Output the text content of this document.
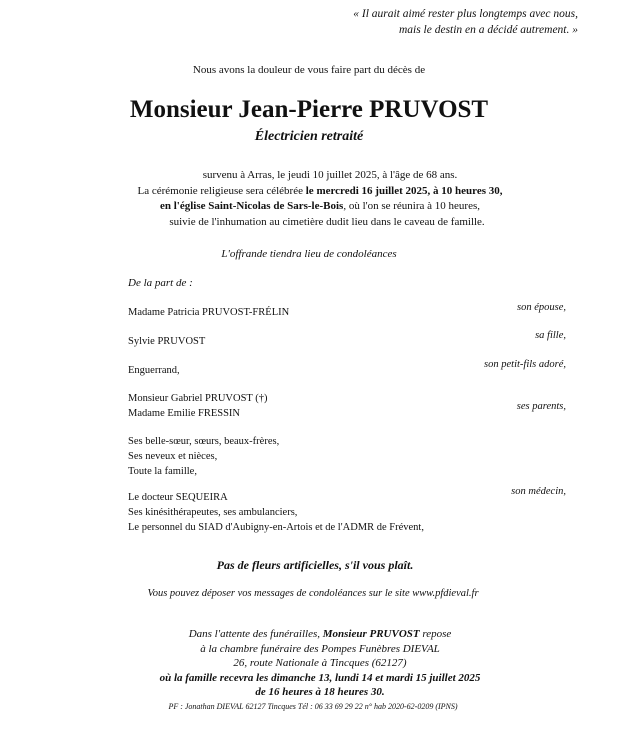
« Il aurait aimé rester plus longtemps avec nous,
mais le destin en a décidé autrement. »
Nous avons la douleur de vous faire part du décès de
Monsieur Jean-Pierre PRUVOST
Électricien retraité
survenu à Arras, le jeudi 10 juillet 2025, à l'âge de 68 ans.
La cérémonie religieuse sera célébrée le mercredi 16 juillet 2025, à 10 heures 30,
en l'église Saint-Nicolas de Sars-le-Bois, où l'on se réunira à 10 heures,
suivie de l'inhumation au cimetière dudit lieu dans le caveau de famille.
L'offrande tiendra lieu de condoléances
De la part de :
Madame Patricia PRUVOST-FRÉLIN	son épouse,
Sylvie PRUVOST
sa fille,
Enguerrand,
son petit-fils adoré,
Monsieur Gabriel PRUVOST (†)
Madame Emilie FRESSIN
ses parents,
Ses belle-sœur, sœurs, beaux-frères,
Ses neveux et nièces,
Toute la famille,
Le docteur SEQUEIRA
Ses kinésithérapeutes, ses ambulanciers,
Le personnel du SIAD d'Aubigny-en-Artois et de l'ADMR de Frévent,
son médecin,
Pas de fleurs artificielles, s'il vous plaît.
Vous pouvez déposer vos messages de condoléances sur le site www.pfdieval.fr
Dans l'attente des funérailles, Monsieur PRUVOST repose
à la chambre funéraire des Pompes Funèbres DIEVAL
26, route Nationale à Tincques (62127)
où la famille recevra les dimanche 13, lundi 14 et mardi 15 juillet 2025
de 16 heures à 18 heures 30.
PF : Jonathan DIEVAL 62127 Tincques Tél : 06 33 69 29 22 n° hab 2020-62-0209 (IPNS)
